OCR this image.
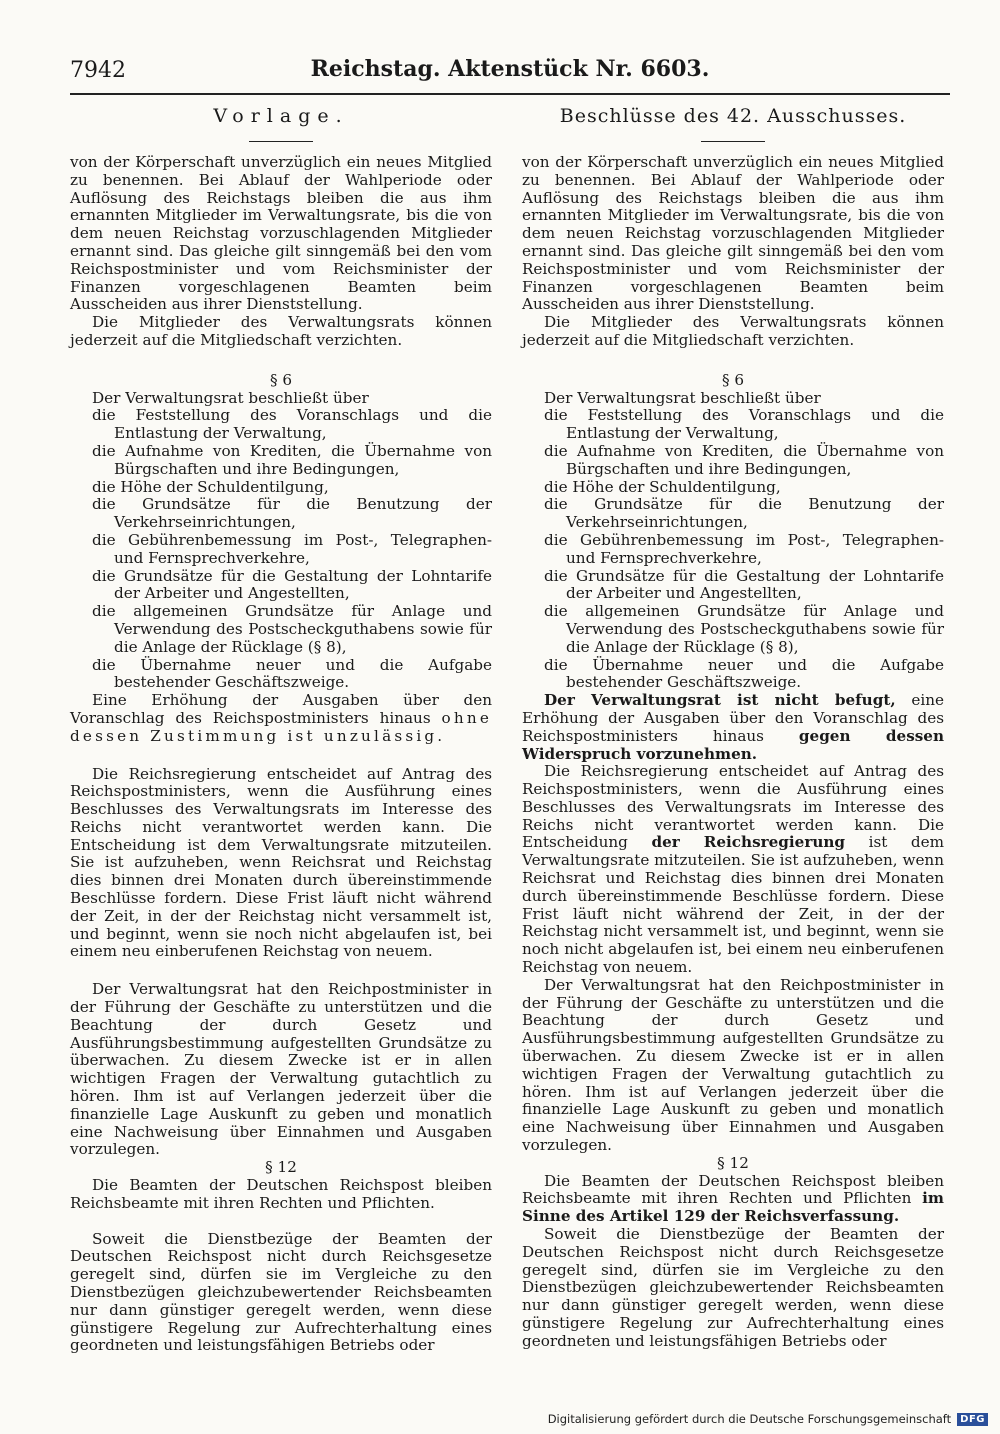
7942	Reichstag. Aktenstück Nr. 6603.
Vorlage.

von der Körperschaft unverzüglich ein neues Mitglied zu benennen. Bei Ablauf der Wahlperiode oder Auflösung des Reichstags bleiben die aus ihm ernannten Mitglieder im Verwaltungsrate, bis die von dem neuen Reichstag vorzuschlagenden Mitglieder ernannt sind. Das gleiche gilt sinngemäß bei den vom Reichspostminister und vom Reichsminister der Finanzen vorgeschlagenen Beamten beim Ausscheiden aus ihrer Dienststellung.

Die Mitglieder des Verwaltungsrats können jederzeit auf die Mitgliedschaft verzichten.

§ 6

Der Verwaltungsrat beschließt über

die Feststellung des Voranschlags und die Entlastung der Verwaltung,
die Aufnahme von Krediten, die Übernahme von Bürgschaften und ihre Bedingungen,
die Höhe der Schuldentilgung,
die Grundsätze für die Benutzung der Verkehrseinrichtungen,
die Gebührenbemessung im Post-, Telegraphen- und Fernsprechverkehre,
die Grundsätze für die Gestaltung der Lohntarife der Arbeiter und Angestellten,
die allgemeinen Grundsätze für Anlage und Verwendung des Postscheckguthabens sowie für die Anlage der Rücklage (§ 8),
die Übernahme neuer und die Aufgabe bestehender Geschäftszweige.

Eine Erhöhung der Ausgaben über den Voranschlag des Reichspostministers hinaus ohne dessen Zustimmung ist unzulässig.

Die Reichsregierung entscheidet auf Antrag des Reichspostministers, wenn die Ausführung eines Beschlusses des Verwaltungsrats im Interesse des Reichs nicht verantwortet werden kann. Die Entscheidung ist dem Verwaltungsrate mitzuteilen. Sie ist aufzuheben, wenn Reichsrat und Reichstag dies binnen drei Monaten durch übereinstimmende Beschlüsse fordern. Diese Frist läuft nicht während der Zeit, in der der Reichstag nicht versammelt ist, und beginnt, wenn sie noch nicht abgelaufen ist, bei einem neu einberufenen Reichstag von neuem.

Der Verwaltungsrat hat den Reichpostminister in der Führung der Geschäfte zu unterstützen und die Beachtung der durch Gesetz und Ausführungsbestimmung aufgestellten Grundsätze zu überwachen. Zu diesem Zwecke ist er in allen wichtigen Fragen der Verwaltung gutachtlich zu hören. Ihm ist auf Verlangen jederzeit über die finanzielle Lage Auskunft zu geben und monatlich eine Nachweisung über Einnahmen und Ausgaben vorzulegen.

§ 12

Die Beamten der Deutschen Reichspost bleiben Reichsbeamte mit ihren Rechten und Pflichten.

Soweit die Dienstbezüge der Beamten der Deutschen Reichspost nicht durch Reichsgesetze geregelt sind, dürfen sie im Vergleiche zu den Dienstbezügen gleichzubewertender Reichsbeamten nur dann günstiger geregelt werden, wenn diese günstigere Regelung zur Aufrechterhaltung eines geordneten und leistungsfähigen Betriebs oder

Beschlüsse des 42. Ausschusses.

von der Körperschaft unverzüglich ein neues Mitglied zu benennen. Bei Ablauf der Wahlperiode oder Auflösung des Reichstags bleiben die aus ihm ernannten Mitglieder im Verwaltungsrate, bis die von dem neuen Reichstag vorzuschlagenden Mitglieder ernannt sind. Das gleiche gilt sinngemäß bei den vom Reichspostminister und vom Reichsminister der Finanzen vorgeschlagenen Beamten beim Ausscheiden aus ihrer Dienststellung.

Die Mitglieder des Verwaltungsrats können jederzeit auf die Mitgliedschaft verzichten.

§ 6

Der Verwaltungsrat beschließt über

die Feststellung des Voranschlags und die Entlastung der Verwaltung,
die Aufnahme von Krediten, die Übernahme von Bürgschaften und ihre Bedingungen,
die Höhe der Schuldentilgung,
die Grundsätze für die Benutzung der Verkehrseinrichtungen,
die Gebührenbemessung im Post-, Telegraphen- und Fernsprechverkehre,
die Grundsätze für die Gestaltung der Lohntarife der Arbeiter und Angestellten,
die allgemeinen Grundsätze für Anlage und Verwendung des Postscheckguthabens sowie für die Anlage der Rücklage (§ 8),
die Übernahme neuer und die Aufgabe bestehender Geschäftszweige.

Der Verwaltungsrat ist nicht befugt, eine Erhöhung der Ausgaben über den Voranschlag des Reichspostministers hinaus gegen dessen Widerspruch vorzunehmen.

Die Reichsregierung entscheidet auf Antrag des Reichspostministers, wenn die Ausführung eines Beschlusses des Verwaltungsrats im Interesse des Reichs nicht verantwortet werden kann. Die Entscheidung der Reichsregierung ist dem Verwaltungsrate mitzuteilen. Sie ist aufzuheben, wenn Reichsrat und Reichstag dies binnen drei Monaten durch übereinstimmende Beschlüsse fordern. Diese Frist läuft nicht während der Zeit, in der der Reichstag nicht versammelt ist, und beginnt, wenn sie noch nicht abgelaufen ist, bei einem neu einberufenen Reichstag von neuem.

Der Verwaltungsrat hat den Reichpostminister in der Führung der Geschäfte zu unterstützen und die Beachtung der durch Gesetz und Ausführungsbestimmung aufgestellten Grundsätze zu überwachen. Zu diesem Zwecke ist er in allen wichtigen Fragen der Verwaltung gutachtlich zu hören. Ihm ist auf Verlangen jederzeit über die finanzielle Lage Auskunft zu geben und monatlich eine Nachweisung über Einnahmen und Ausgaben vorzulegen.

§ 12

Die Beamten der Deutschen Reichspost bleiben Reichsbeamte mit ihren Rechten und Pflichten im Sinne des Artikel 129 der Reichsverfassung.

Soweit die Dienstbezüge der Beamten der Deutschen Reichspost nicht durch Reichsgesetze geregelt sind, dürfen sie im Vergleiche zu den Dienstbezügen gleichzubewertender Reichsbeamten nur dann günstiger geregelt werden, wenn diese günstigere Regelung zur Aufrechterhaltung eines geordneten und leistungsfähigen Betriebs oder

Digitalisierung gefördert durch die Deutsche Forschungsgemeinschaft DFG
